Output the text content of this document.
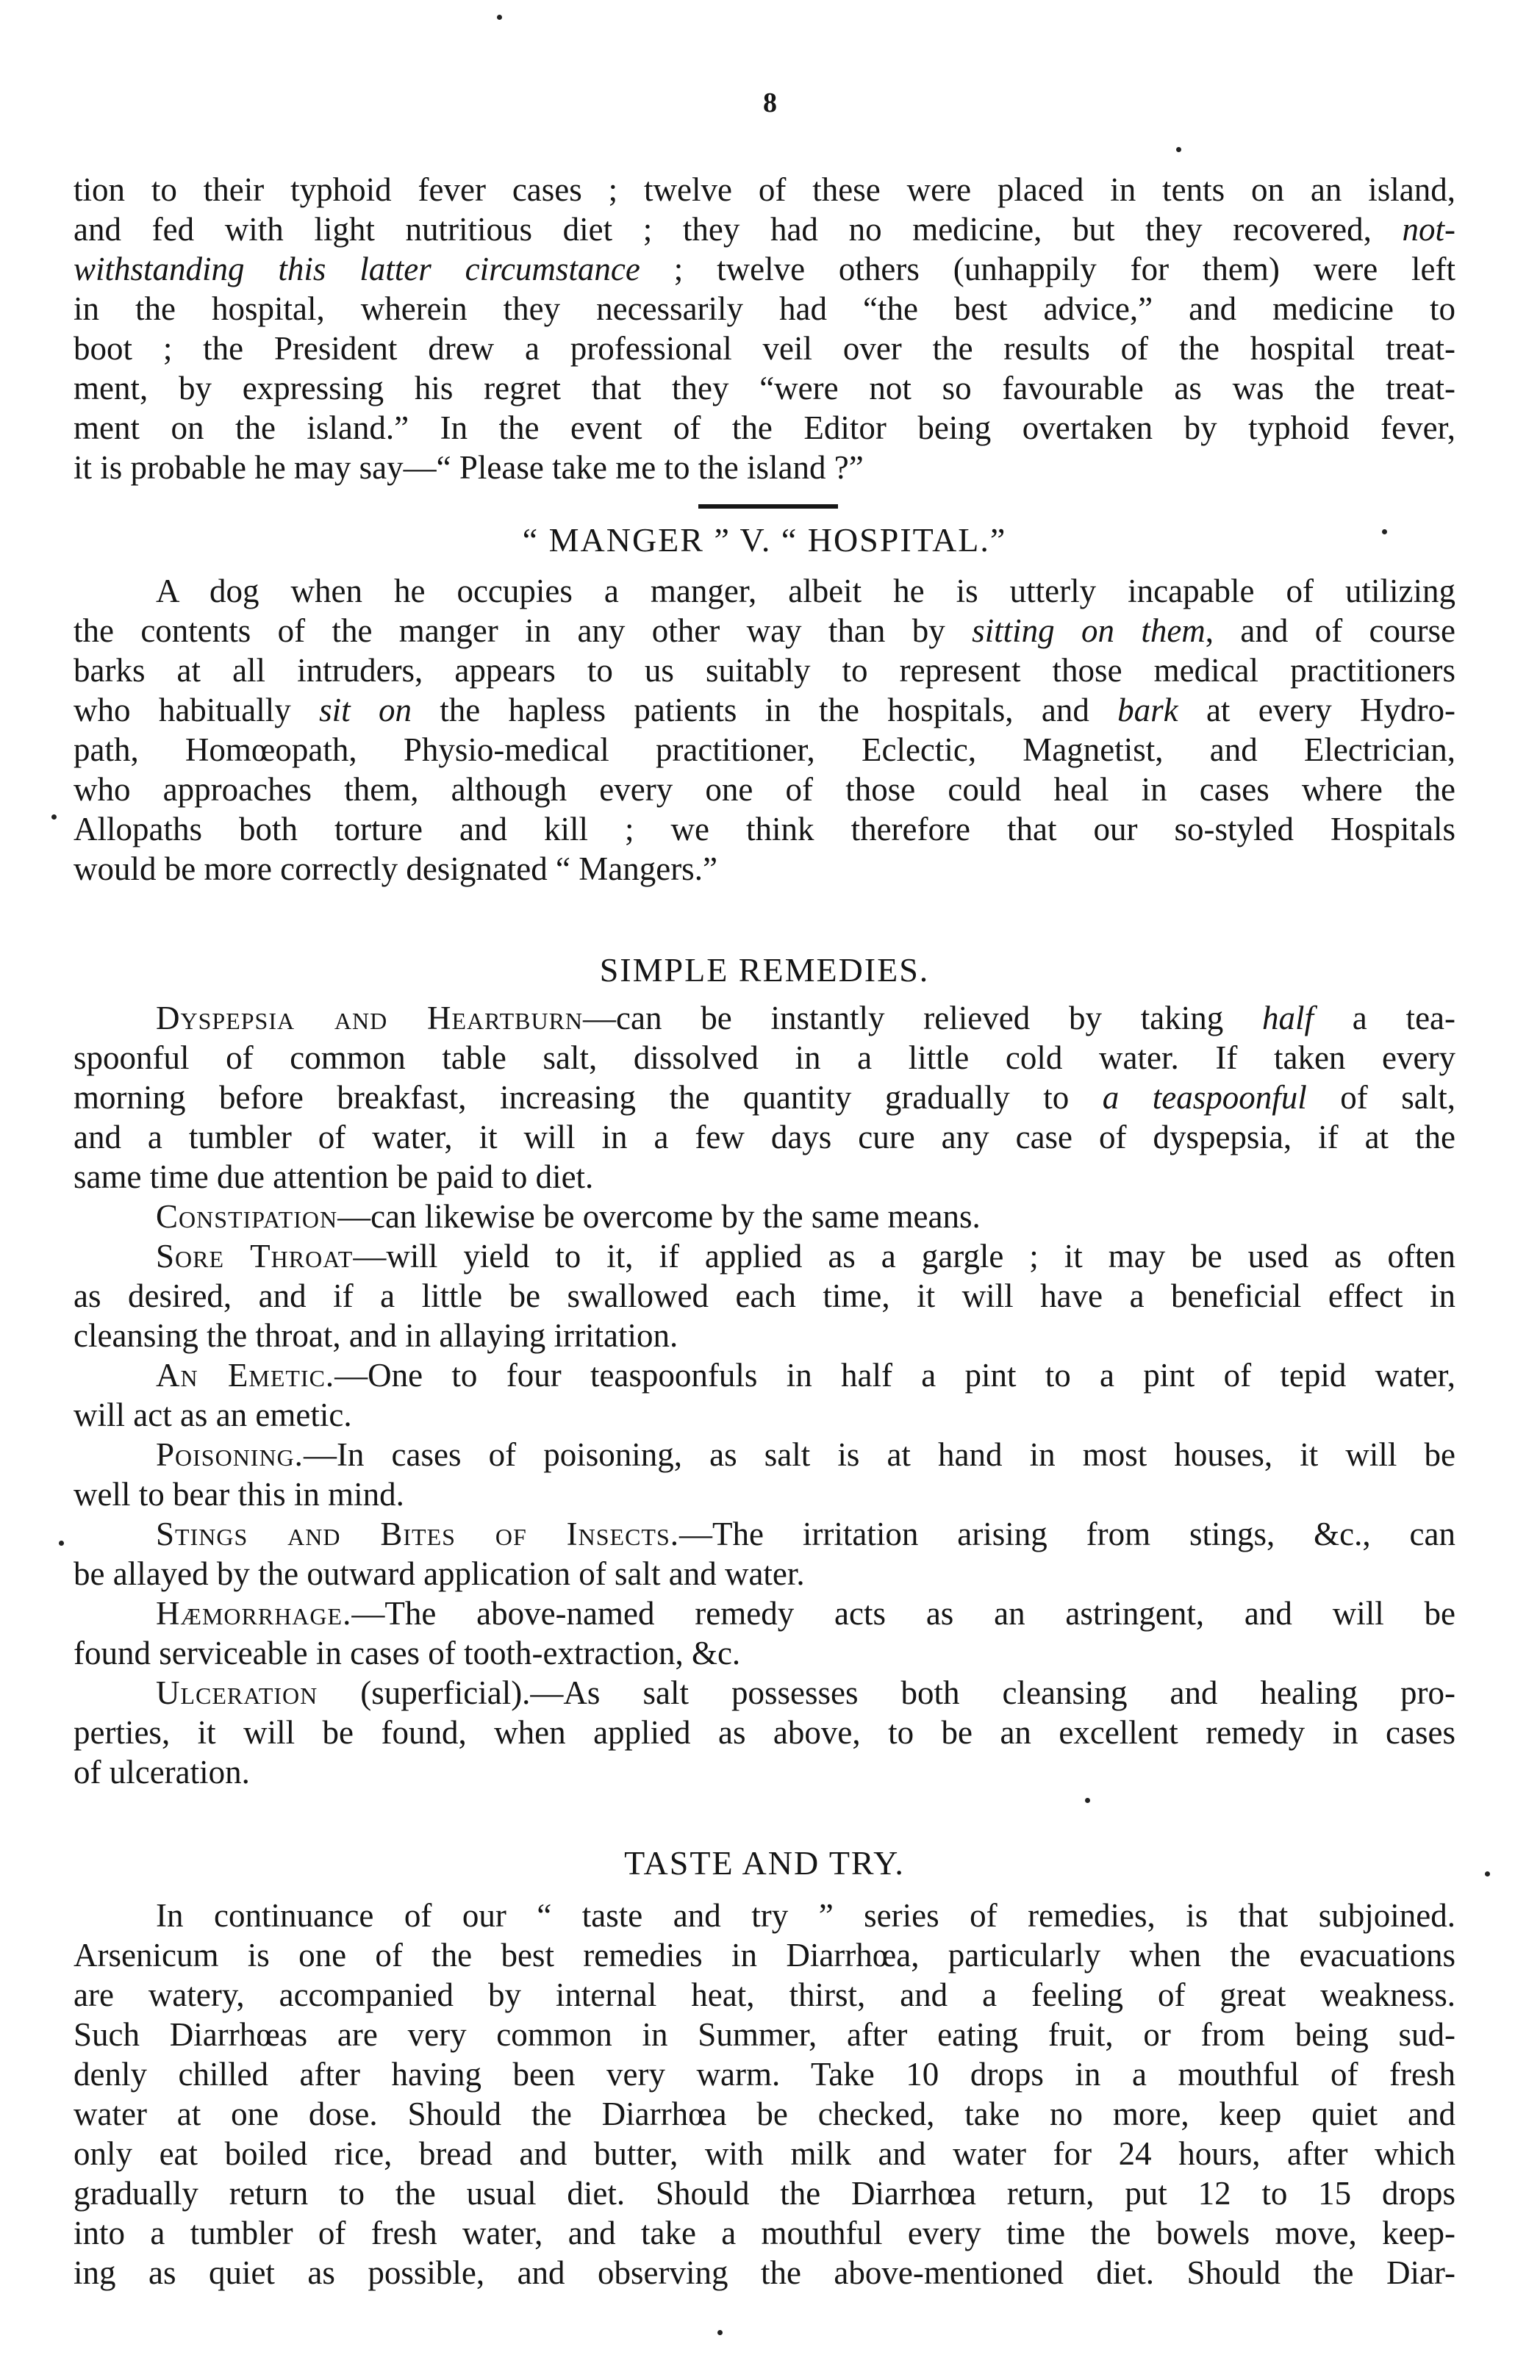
8
tion to their typhoid fever cases ; twelve of these were placed in tents on an island,
and fed with light nutritious diet ; they had no medicine, but they recovered, not-
withstanding this latter circumstance ; twelve others (unhappily for them) were left
in the hospital, wherein they necessarily had “the best advice,” and medicine to
boot ; the President drew a professional veil over the results of the hospital treat-
ment, by expressing his regret that they “were not so favourable as was the treat-
ment on the island.” In the event of the Editor being overtaken by typhoid fever,
it is probable he may say—“ Please take me to the island ?”
“ MANGER ” V. “ HOSPITAL.”
A dog when he occupies a manger, albeit he is utterly incapable of utilizing
the contents of the manger in any other way than by sitting on them, and of course
barks at all intruders, appears to us suitably to represent those medical practitioners
who habitually sit on the hapless patients in the hospitals, and bark at every Hydro-
path, Homœopath, Physio-medical practitioner, Eclectic, Magnetist, and Electrician,
who approaches them, although every one of those could heal in cases where the
Allopaths both torture and kill ; we think therefore that our so-styled Hospitals
would be more correctly designated “ Mangers.”
SIMPLE REMEDIES.
Dyspepsia and Heartburn—can be instantly relieved by taking half a tea-
spoonful of common table salt, dissolved in a little cold water. If taken every
morning before breakfast, increasing the quantity gradually to a teaspoonful of salt,
and a tumbler of water, it will in a few days cure any case of dyspepsia, if at the
same time due attention be paid to diet.
Constipation—can likewise be overcome by the same means.
Sore Throat—will yield to it, if applied as a gargle ; it may be used as often
as desired, and if a little be swallowed each time, it will have a beneficial effect in
cleansing the throat, and in allaying irritation.
An Emetic.—One to four teaspoonfuls in half a pint to a pint of tepid water,
will act as an emetic.
Poisoning.—In cases of poisoning, as salt is at hand in most houses, it will be
well to bear this in mind.
Stings and Bites of Insects.—The irritation arising from stings, &c., can
be allayed by the outward application of salt and water.
Hæmorrhage.—The above-named remedy acts as an astringent, and will be
found serviceable in cases of tooth-extraction, &c.
Ulceration (superficial).—As salt possesses both cleansing and healing pro-
perties, it will be found, when applied as above, to be an excellent remedy in cases
of ulceration.
TASTE AND TRY.
In continuance of our “ taste and try ” series of remedies, is that subjoined.
Arsenicum is one of the best remedies in Diarrhœa, particularly when the evacuations
are watery, accompanied by internal heat, thirst, and a feeling of great weakness.
Such Diarrhœas are very common in Summer, after eating fruit, or from being sud-
denly chilled after having been very warm. Take 10 drops in a mouthful of fresh
water at one dose. Should the Diarrhœa be checked, take no more, keep quiet and
only eat boiled rice, bread and butter, with milk and water for 24 hours, after which
gradually return to the usual diet. Should the Diarrhœa return, put 12 to 15 drops
into a tumbler of fresh water, and take a mouthful every time the bowels move, keep-
ing as quiet as possible, and observing the above-mentioned diet. Should the Diar-
